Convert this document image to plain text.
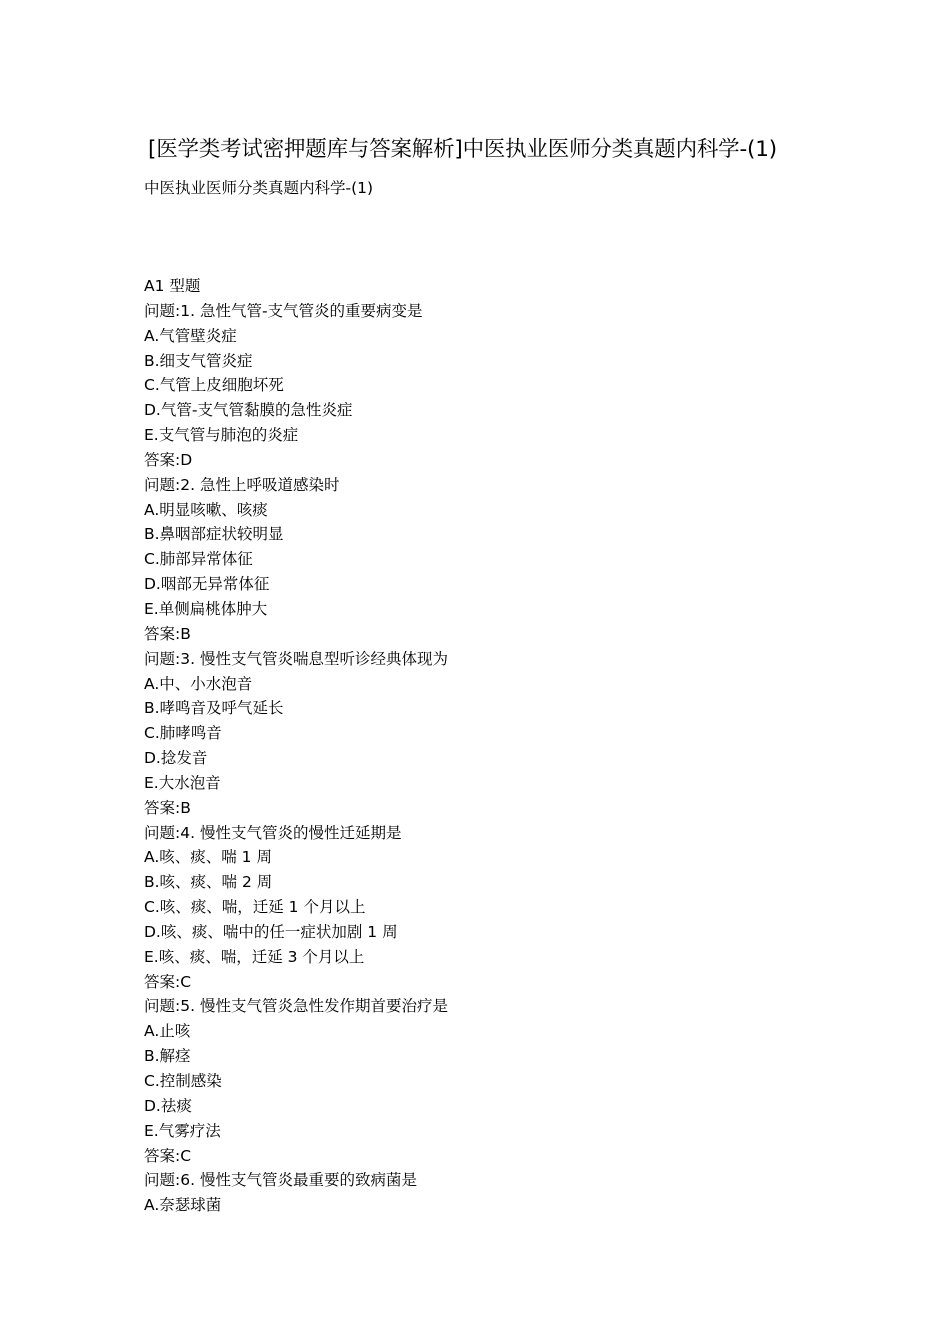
[医学类考试密押题库与答案解析]中医执业医师分类真题内科学-(1)
中医执业医师分类真题内科学-(1)
A1 型题
问题:1. 急性气管-支气管炎的重要病变是
A.气管壁炎症
B.细支气管炎症
C.气管上皮细胞坏死
D.气管-支气管黏膜的急性炎症
E.支气管与肺泡的炎症
答案:D
问题:2. 急性上呼吸道感染时
A.明显咳嗽、咳痰
B.鼻咽部症状较明显
C.肺部异常体征
D.咽部无异常体征
E.单侧扁桃体肿大
答案:B
问题:3. 慢性支气管炎喘息型听诊经典体现为
A.中、小水泡音
B.哮鸣音及呼气延长
C.肺哮鸣音
D.捻发音
E.大水泡音
答案:B
问题:4. 慢性支气管炎的慢性迁延期是
A.咳、痰、喘 1 周
B.咳、痰、喘 2 周
C.咳、痰、喘，迁延 1 个月以上
D.咳、痰、喘中的任一症状加剧 1 周
E.咳、痰、喘，迁延 3 个月以上
答案:C
问题:5. 慢性支气管炎急性发作期首要治疗是
A.止咳
B.解痉
C.控制感染
D.祛痰
E.气雾疗法
答案:C
问题:6. 慢性支气管炎最重要的致病菌是
A.奈瑟球菌
